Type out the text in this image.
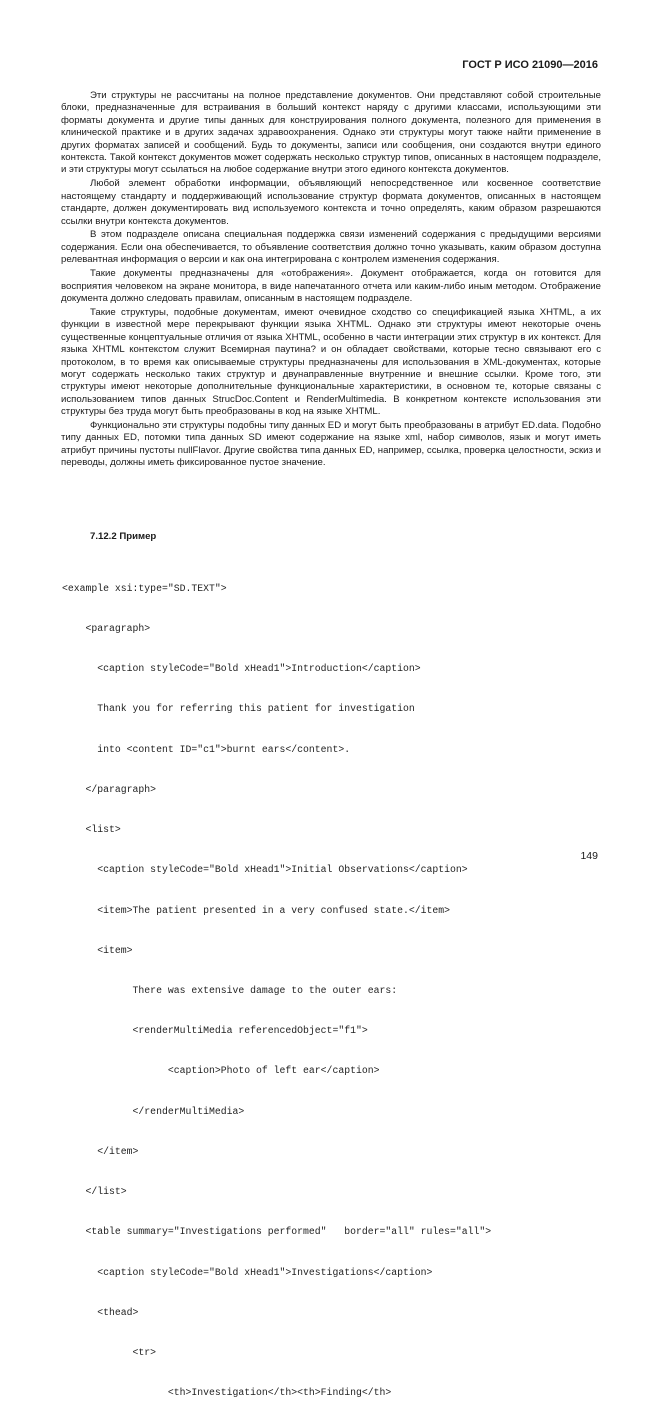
ГОСТ Р ИСО 21090—2016

Эти структуры не рассчитаны на полное представление документов. Они представляют собой строительные блоки, предназначенные для встраивания в больший контекст наряду с другими классами, использующими эти форматы документа и другие типы данных для конструирования полного документа, полезного для применения в клинической практике и в других задачах здравоохранения. Однако эти структуры могут также найти применение в других форматах записей и сообщений. Будь то документы, записи или сообщения, они создаются внутри единого контекста. Такой контекст документов может содержать несколько структур типов, описанных в настоящем подразделе, и эти структуры могут ссылаться на любое содержание внутри этого единого контекста документов.

Любой элемент обработки информации, объявляющий непосредственное или косвенное соответствие настоящему стандарту и поддерживающий использование структур формата документов, описанных в настоящем стандарте, должен документировать вид используемого контекста и точно определять, каким образом разрешаются ссылки внутри контекста документов.

В этом подразделе описана специальная поддержка связи изменений содержания с предыдущими версиями содержания. Если она обеспечивается, то объявление соответствия должно точно указывать, каким образом доступна релевантная информация о версии и как она интегрирована с контролем изменения содержания.

Такие документы предназначены для «отображения». Документ отображается, когда он готовится для восприятия человеком на экране монитора, в виде напечатанного отчета или каким-либо иным методом. Отображение документа должно следовать правилам, описанным в настоящем подразделе.

Такие структуры, подобные документам, имеют очевидное сходство со спецификацией языка XHTML, а их функции в известной мере перекрывают функции языка XHTML. Однако эти структуры имеют некоторые очень существенные концептуальные отличия от языка XHTML, особенно в части интеграции этих структур в их контекст. Для языка XHTML контекстом служит Всемирная паутина? и он обладает свойствами, которые тесно связывают его с протоколом, в то время как описываемые структуры предназначены для использования в XML-документах, которые могут содержать несколько таких структур и двунаправленные внутренние и внешние ссылки. Кроме того, эти структуры имеют некоторые дополнительные функциональные характеристики, в основном те, которые связаны с использованием типов данных StrucDoc.Content и RenderMultimedia. В конкретном контексте использования эти структуры без труда могут быть преобразованы в код на языке XHTML.

Функционально эти структуры подобны типу данных ED и могут быть преобразованы в атрибут ED.data. Подобно типу данных ED, потомки типа данных SD имеют содержание на языке xml, набор символов, язык и могут иметь атрибут причины пустоты nullFlavor. Другие свойства типа данных ED, например, ссылка, проверка целостности, эскиз и переводы, должны иметь фиксированное пустое значение.

7.12.2 Пример

<example xsi:type="SD.TEXT">

<paragraph>

<caption styleCode="Bold xHead1">Introduction</caption>

Thank you for referring this patient for investigation

into <content ID="c1">burnt ears</content>.

</paragraph>

<list>

<caption styleCode="Bold xHead1">Initial Observations</caption>

<item>The patient presented in a very confused state.</item>

<item>

There was extensive damage to the outer ears:

<renderMultiMedia referencedObject="f1">

<caption>Photo of left ear</caption>

</renderMultiMedia>

</item>

</list>

<table summary="Investigations performed"   border="all" rules="all">

<caption styleCode="Bold xHead1">Investigations</caption>

<thead>

<tr>

<th>Investigation</th><th>Finding</th>

149
